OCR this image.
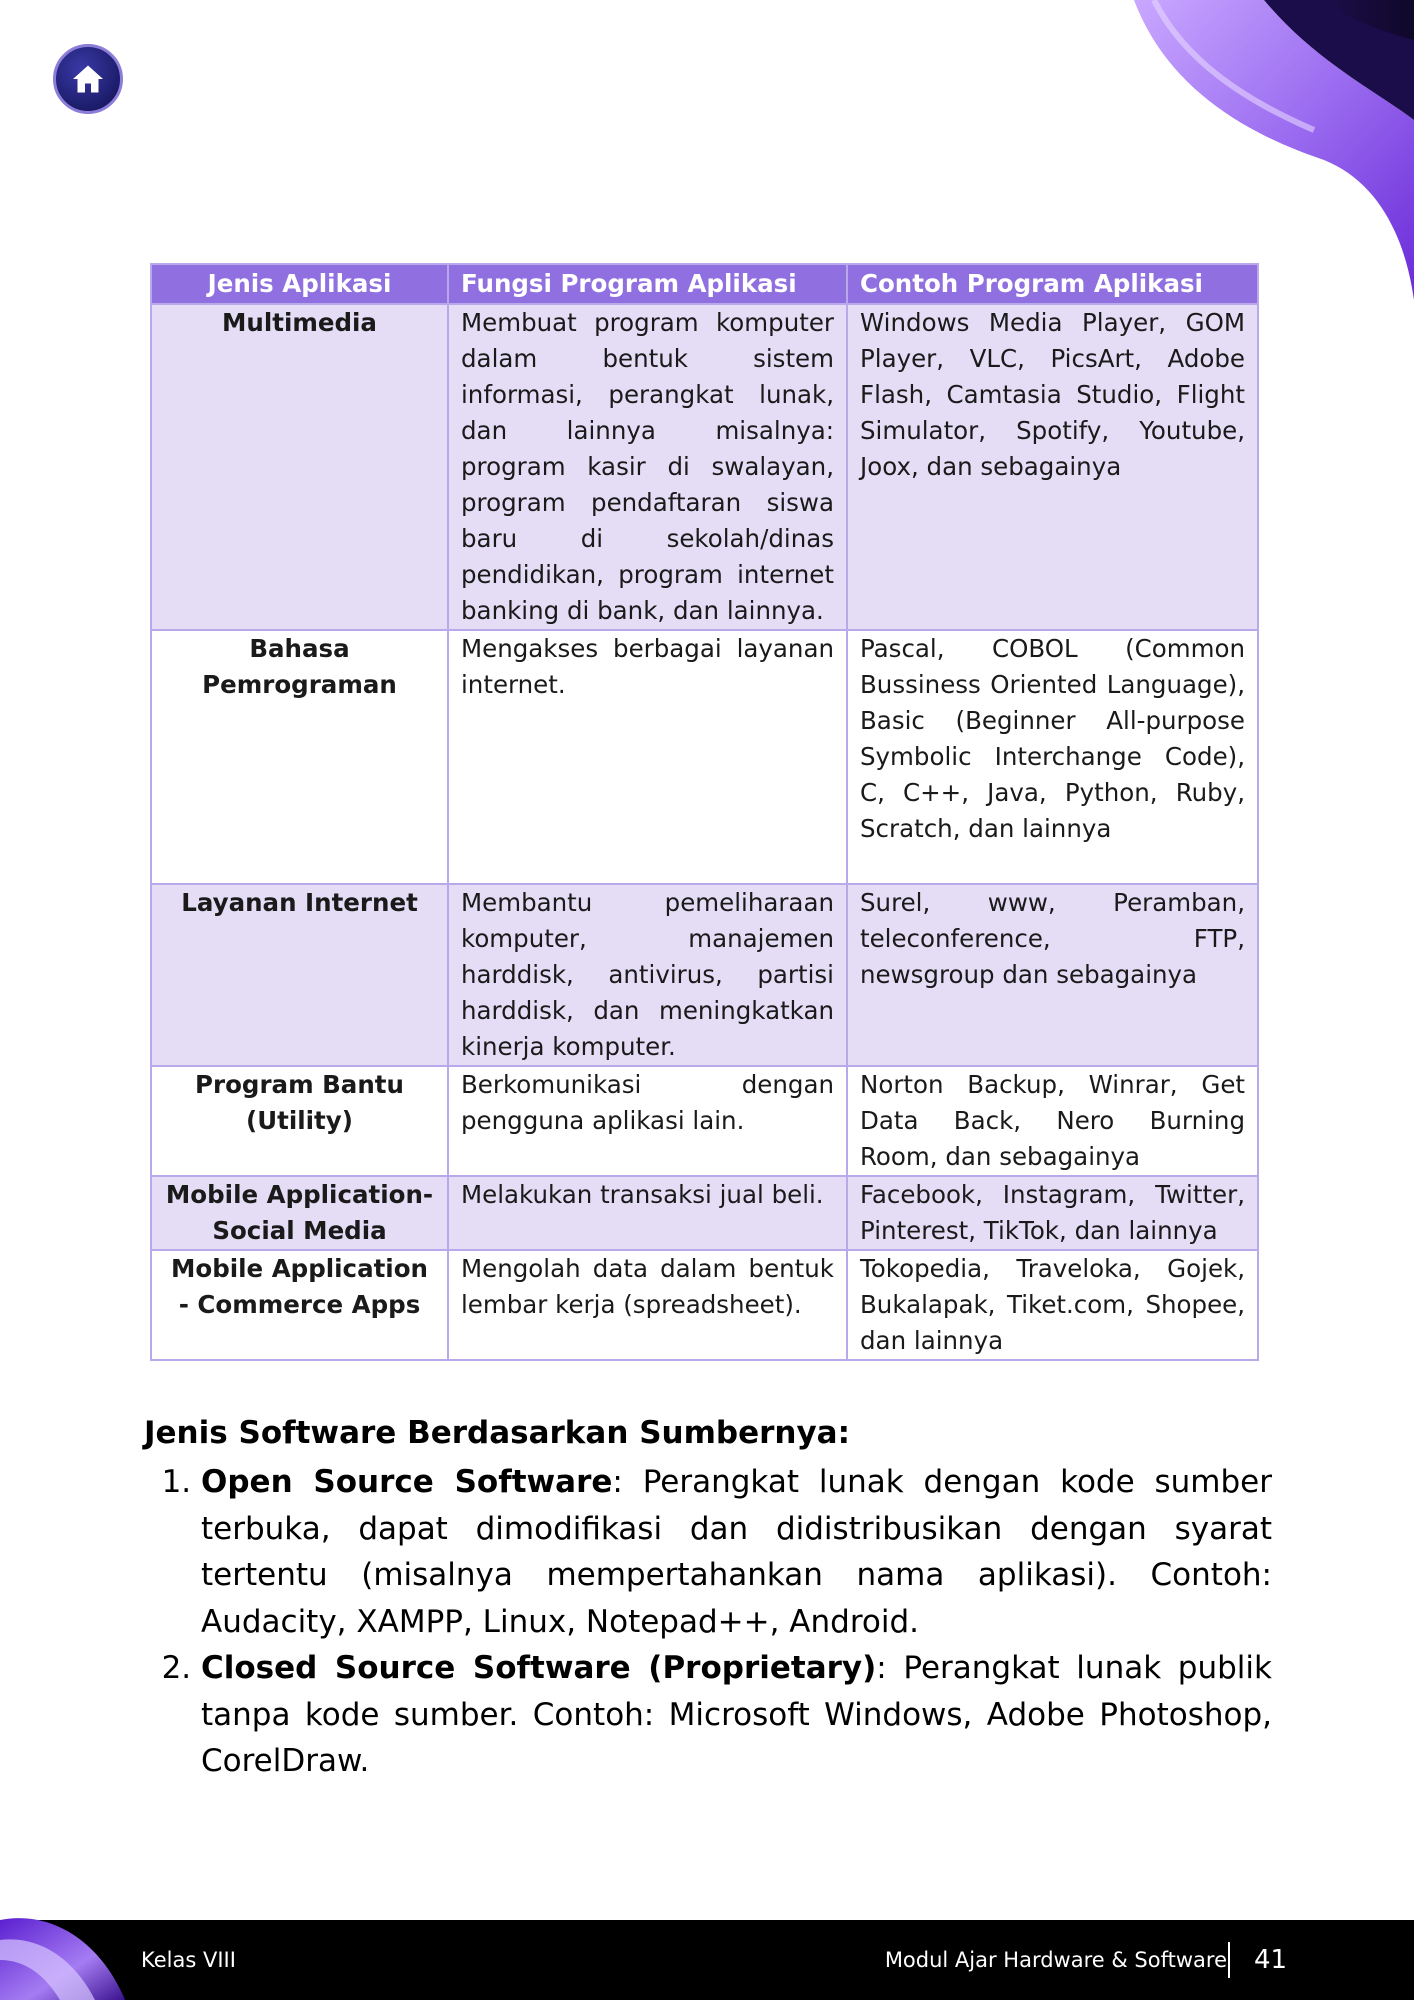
Jenis Aplikasi	Fungsi Program Aplikasi	Contoh Program Aplikasi
Multimedia	Membuat program komputer dalam bentuk sistem informasi, perangkat lunak, dan lainnya misalnya: program kasir di swalayan, program pendaftaran siswa baru di sekolah/dinas pendidikan, program internet banking di bank, dan lainnya.	Windows Media Player, GOM Player, VLC, PicsArt, Adobe Flash, Camtasia Studio, Flight Simulator, Spotify, Youtube, Joox, dan sebagainya
Bahasa Pemrograman	Mengakses berbagai layanan internet.	Pascal, COBOL (Common Bussiness Oriented Language), Basic (Beginner All-purpose Symbolic Interchange Code), C, C++, Java, Python, Ruby, Scratch, dan lainnya
Layanan Internet	Membantu pemeliharaan komputer, manajemen harddisk, antivirus, partisi harddisk, dan meningkatkan kinerja komputer.	Surel, www, Peramban, teleconference, FTP, newsgroup dan sebagainya
Program Bantu (Utility)	Berkomunikasi dengan pengguna aplikasi lain.	Norton Backup, Winrar, Get Data Back, Nero Burning Room, dan sebagainya
Mobile Application-Social Media	Melakukan transaksi jual beli.	Facebook, Instagram, Twitter, Pinterest, TikTok, dan lainnya
Mobile Application - Commerce Apps	Mengolah data dalam bentuk lembar kerja (spreadsheet).	Tokopedia, Traveloka, Gojek, Bukalapak, Tiket.com, Shopee, dan lainnya
Jenis Software Berdasarkan Sumbernya:
1. Open Source Software: Perangkat lunak dengan kode sumber terbuka, dapat dimodifikasi dan didistribusikan dengan syarat tertentu (misalnya mempertahankan nama aplikasi). Contoh: Audacity, XAMPP, Linux, Notepad++, Android.
2. Closed Source Software (Proprietary): Perangkat lunak publik tanpa kode sumber. Contoh: Microsoft Windows, Adobe Photoshop, CorelDraw.
Kelas VIII	Modul Ajar Hardware & Software 41
